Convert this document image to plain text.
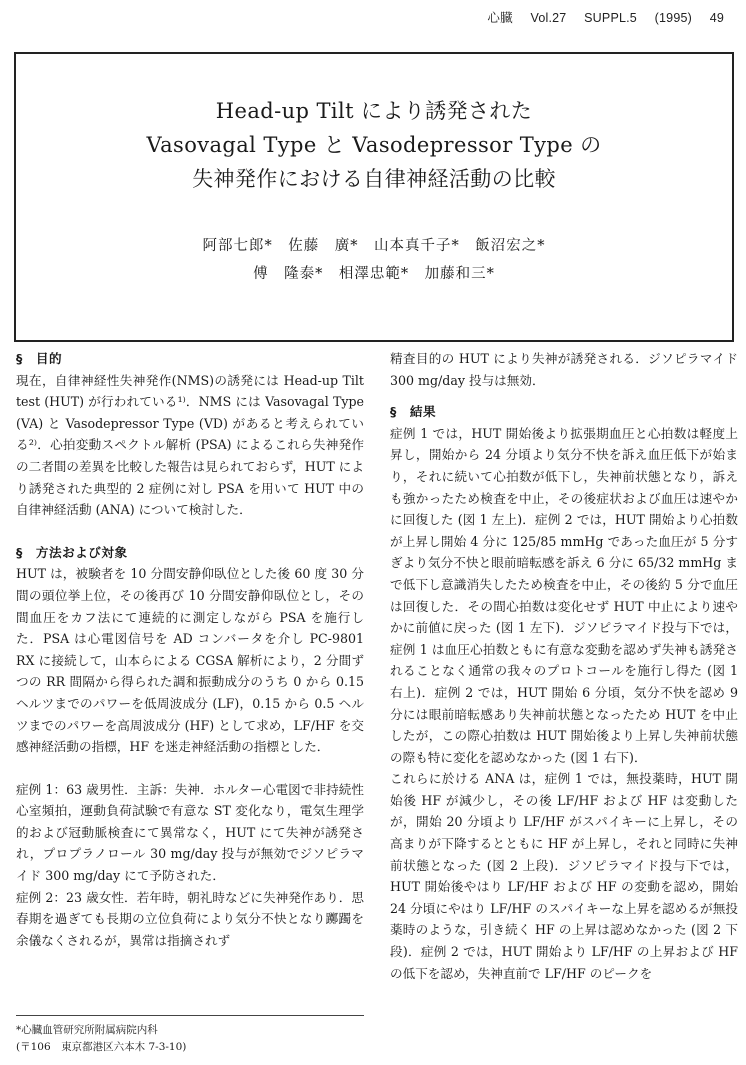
心臓 Vol.27 SUPPL.5 (1995) 49
Head-up Tilt により誘発された
Vasovagal Type と Vasodepressor Type の
失神発作における自律神経活動の比較
阿部七郎*　佐藤　廣*　山本真千子*　飯沼宏之*
傅　隆泰*　相澤忠範*　加藤和三*

§　目的

現在，自律神経性失神発作(NMS)の誘発には Head-up Tilt test (HUT) が行われている¹⁾．NMS には Vasovagal Type (VA) と Vasodepressor Type (VD) があると考えられている²⁾．心拍変動スペクトル解析 (PSA) によるこれら失神発作の二者間の差異を比較した報告は見られておらず，HUT により誘発された典型的 2 症例に対し PSA を用いて HUT 中の自律神経活動 (ANA) について検討した．

§　方法および対象

HUT は，被験者を 10 分間安静仰臥位とした後 60 度 30 分間の頭位挙上位，その後再び 10 分間安静仰臥位とし，その間血圧をカフ法にて連続的に測定しながら PSA を施行した．PSA は心電図信号を AD コンバータを介し PC-9801 RX に接続して，山本らによる CGSA 解析により，2 分間ずつの RR 間隔から得られた調和振動成分のうち 0 から 0.15 ヘルツまでのパワーを低周波成分 (LF)，0.15 から 0.5 ヘルツまでのパワーを高周波成分 (HF) として求め，LF/HF を交感神経活動の指標，HF を迷走神経活動の指標とした．

症例 1：63 歳男性．主訴：失神．ホルター心電図で非持続性心室頻拍，運動負荷試験で有意な ST 変化なり，電気生理学的および冠動脈検査にて異常なく，HUT にて失神が誘発され，プロプラノロール 30 mg/day 投与が無効でジソピラマイド 300 mg/day にて予防された．

症例 2：23 歳女性．若年時，朝礼時などに失神発作あり．思春期を過ぎても長期の立位負荷により気分不快となり躑躅を余儀なくされるが，異常は指摘されず

精査目的の HUT により失神が誘発される．ジソピラマイド 300 mg/day 投与は無効．

§　結果

症例 1 では，HUT 開始後より拡張期血圧と心拍数は軽度上昇し，開始から 24 分頃より気分不快を訴え血圧低下が始まり，それに続いて心拍数が低下し，失神前状態となり，訴えも強かったため検査を中止，その後症状および血圧は速やかに回復した (図 1 左上)．症例 2 では，HUT 開始より心拍数が上昇し開始 4 分に 125/85 mmHg であった血圧が 5 分すぎより気分不快と眼前暗転感を訴え 6 分に 65/32 mmHg まで低下し意識消失したため検査を中止，その後約 5 分で血圧は回復した．その間心拍数は変化せず HUT 中止により速やかに前値に戻った (図 1 左下)．ジソピラマイド投与下では，症例 1 は血圧心拍数ともに有意な変動を認めず失神も誘発されることなく通常の我々のプロトコールを施行し得た (図 1 右上)．症例 2 では，HUT 開始 6 分頃，気分不快を認め 9 分には眼前暗転感あり失神前状態となったため HUT を中止したが，この際心拍数は HUT 開始後より上昇し失神前状態の際も特に変化を認めなかった (図 1 右下)．

これらに於ける ANA は，症例 1 では，無投薬時，HUT 開始後 HF が減少し，その後 LF/HF および HF は変動したが，開始 20 分頃より LF/HF がスパイキーに上昇し，その高まりが下降するとともに HF が上昇し，それと同時に失神前状態となった (図 2 上段)．ジソピラマイド投与下では，HUT 開始後やはり LF/HF および HF の変動を認め，開始 24 分頃にやはり LF/HF のスパイキーな上昇を認めるが無投薬時のような，引き続く HF の上昇は認めなかった (図 2 下段)．症例 2 では，HUT 開始より LF/HF の上昇および HF の低下を認め，失神直前で LF/HF のピークを

*心臓血管研究所附属病院内科
(〒106　東京都港区六本木 7-3-10)
